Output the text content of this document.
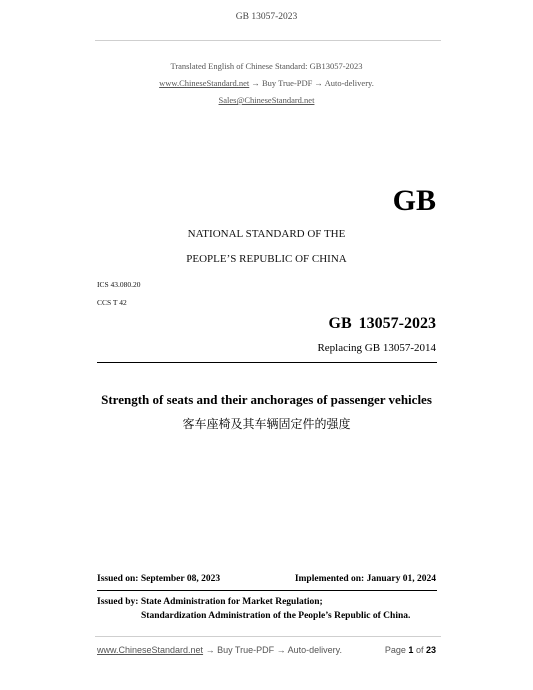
GB 13057-2023
Translated English of Chinese Standard: GB13057-2023
www.ChineseStandard.net → Buy True-PDF → Auto-delivery.
Sales@ChineseStandard.net
GB
NATIONAL STANDARD OF THE
PEOPLE’S REPUBLIC OF CHINA
ICS 43.080.20
CCS T 42
GB 13057-2023
Replacing GB 13057-2014
Strength of seats and their anchorages of passenger vehicles
客车座椅及其车辆固定件的强度
Issued on: September 08, 2023	Implemented on: January 01, 2024
Issued by: State Administration for Market Regulation;
Standardization Administration of the People’s Republic of China.
www.ChineseStandard.net → Buy True-PDF → Auto-delivery.	Page 1 of 23
